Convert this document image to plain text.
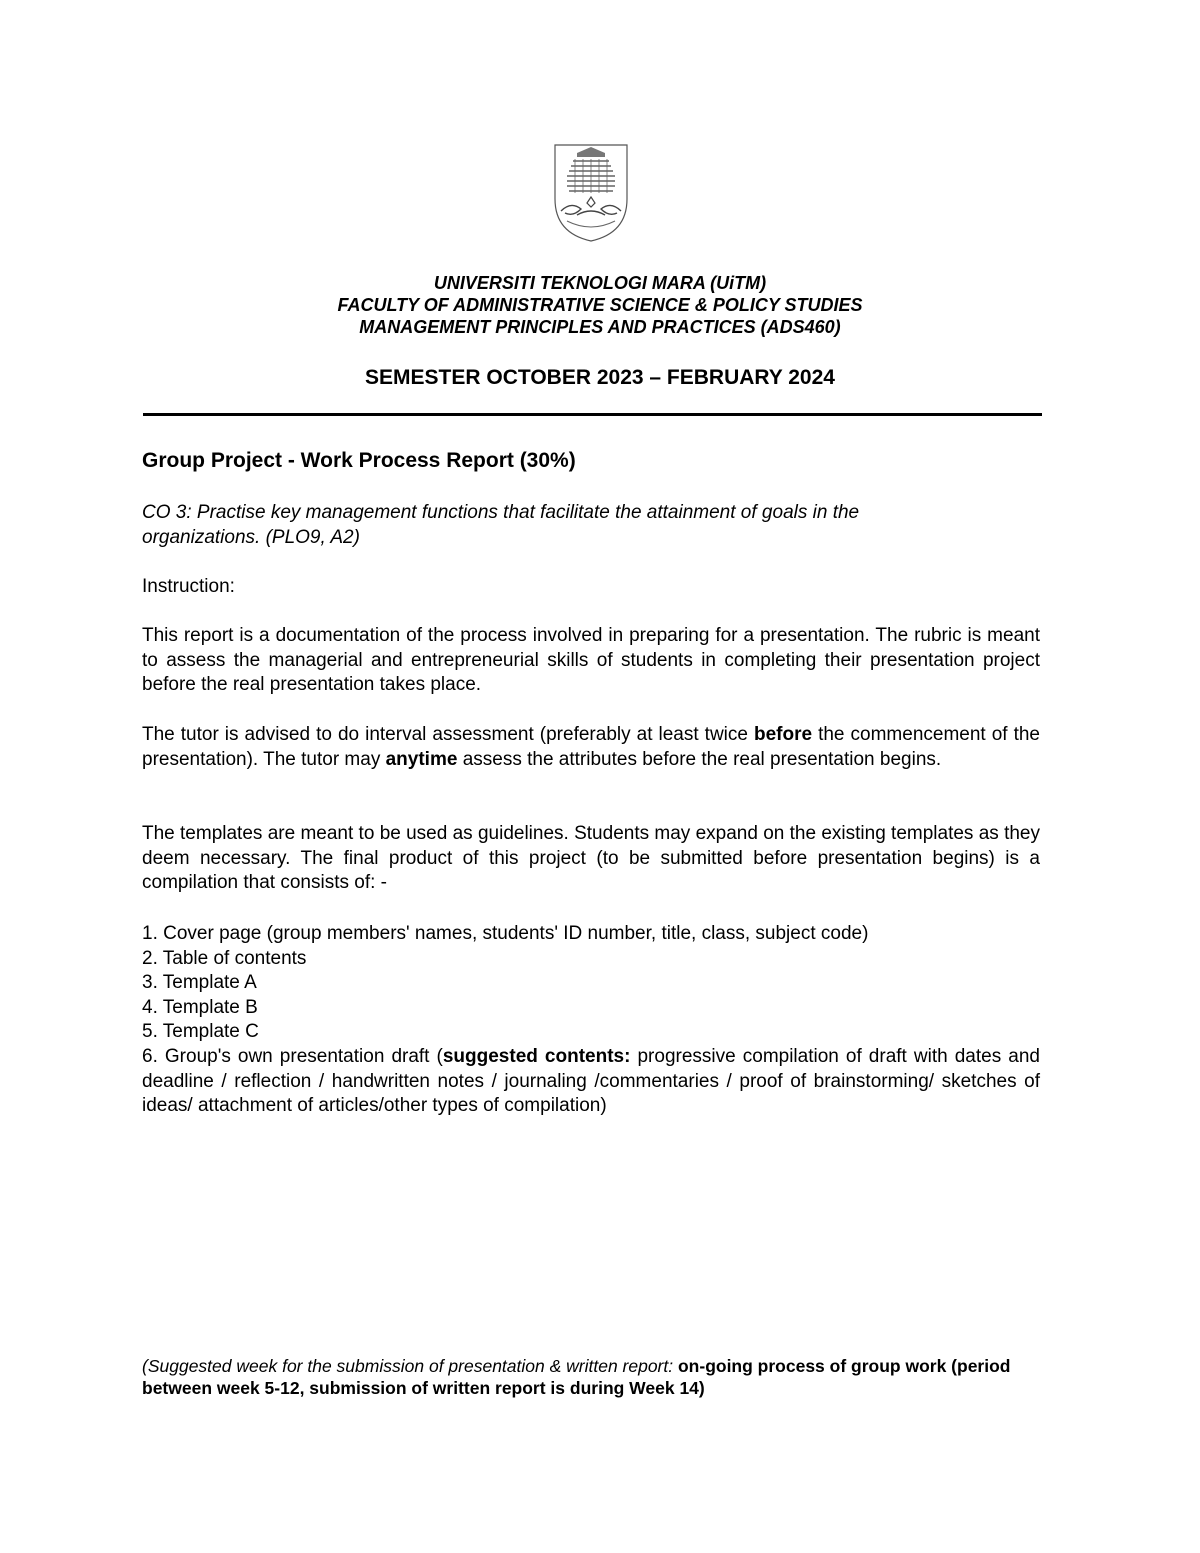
UNIVERSITI TEKNOLOGI MARA (UiTM)
FACULTY OF ADMINISTRATIVE SCIENCE & POLICY STUDIES
MANAGEMENT PRINCIPLES AND PRACTICES (ADS460)
SEMESTER OCTOBER 2023 – FEBRUARY 2024
Group Project - Work Process Report (30%)
CO 3: Practise key management functions that facilitate the attainment of goals in the organizations. (PLO9, A2)
Instruction:
This report is a documentation of the process involved in preparing for a presentation. The rubric is meant to assess the managerial and entrepreneurial skills of students in completing their presentation project before the real presentation takes place.
The tutor is advised to do interval assessment (preferably at least twice before the commencement of the presentation). The tutor may anytime assess the attributes before the real presentation begins.
The templates are meant to be used as guidelines. Students may expand on the existing templates as they deem necessary. The final product of this project (to be submitted before presentation begins) is a compilation that consists of: -
1. Cover page (group members' names, students' ID number, title, class, subject code)
2. Table of contents
3. Template A
4. Template B
5. Template C
6. Group's own presentation draft (suggested contents: progressive compilation of draft with dates and deadline / reflection / handwritten notes / journaling /commentaries / proof of brainstorming/ sketches of ideas/ attachment of articles/other types of compilation)
(Suggested week for the submission of presentation & written report: on-going process of group work (period between week 5-12, submission of written report is during Week 14)
